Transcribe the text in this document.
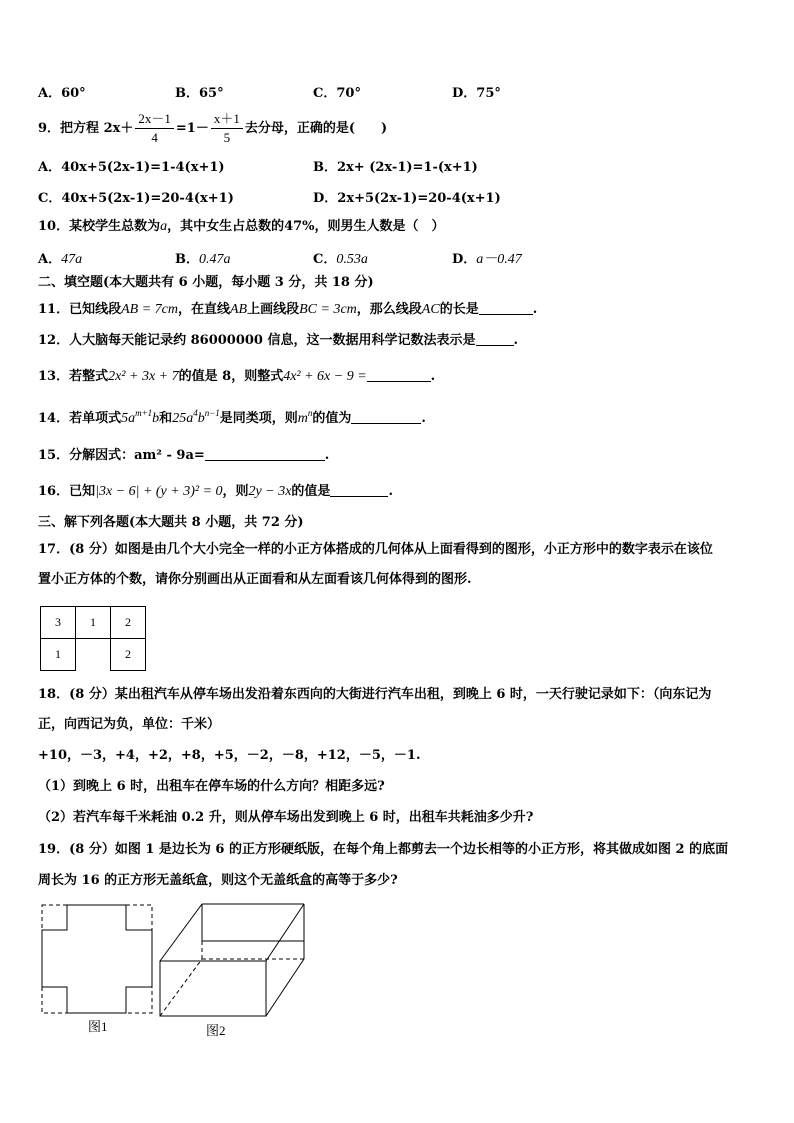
A．60°	B．65°	C．70°	D．75°
9．把方程 $2x+ \frac{2x-1}{4} =1- \frac{x+1}{5}$ 去分母，正确的是(　　)
A．40x+5(2x-1)=1-4(x+1)	B．2x+ (2x-1)=1-(x+1)
C．40x+5(2x-1)=20-4(x+1)	D．2x+5(2x-1)=20-4(x+1)
10．某校学生总数为a，其中女生占总数的47%，则男生人数是（　）
A．47a	B．0.47a	C．0.53a	D．a－0.47
二、填空题(本大题共有 6 小题，每小题 3 分，共 18 分)
11．已知线段AB = 7cm，在直线AB上画线段BC = 3cm，那么线段AC的长是	.
12．人大脑每天能记录约 86000000 信息，这一数据用科学记数法表示是	.
13．若整式2x² + 3x + 7的值是 8，则整式4x² + 6x − 9 =	.
14．若单项式$5a^{m+1}b$和$25a^4b^{n-1}$是同类项，则$m^n$的值为	.
15．分解因式：am² - 9a=	.
16．已知|3x − 6| + (y + 3)² = 0，则2y − 3x的值是	.
三、解下列各题(本大题共 8 小题，共 72 分)
17．(8 分）如图是由几个大小完全一样的小正方体搭成的几何体从上面看得到的图形，小正方形中的数字表示在该位
置小正方体的个数，请你分别画出从正面看和从左面看该几何体得到的图形.
3	1	2
1		2
18．(8 分）某出租汽车从停车场出发沿着东西向的大街进行汽车出租，到晚上 6 时，一天行驶记录如下：（向东记为
正，向西记为负，单位：千米）
+10，－3，+4，+2，+8，+5，－2，－8，+12，－5，－1.
（1）到晚上 6 时，出租车在停车场的什么方向？相距多远?
（2）若汽车每千米耗油 0.2 升，则从停车场出发到晚上 6 时，出租车共耗油多少升?
19．(8 分）如图 1 是边长为 6 的正方形硬纸版，在每个角上都剪去一个边长相等的小正方形，将其做成如图 2 的底面
周长为 16 的正方形无盖纸盒，则这个无盖纸盒的高等于多少?
图1	图2
